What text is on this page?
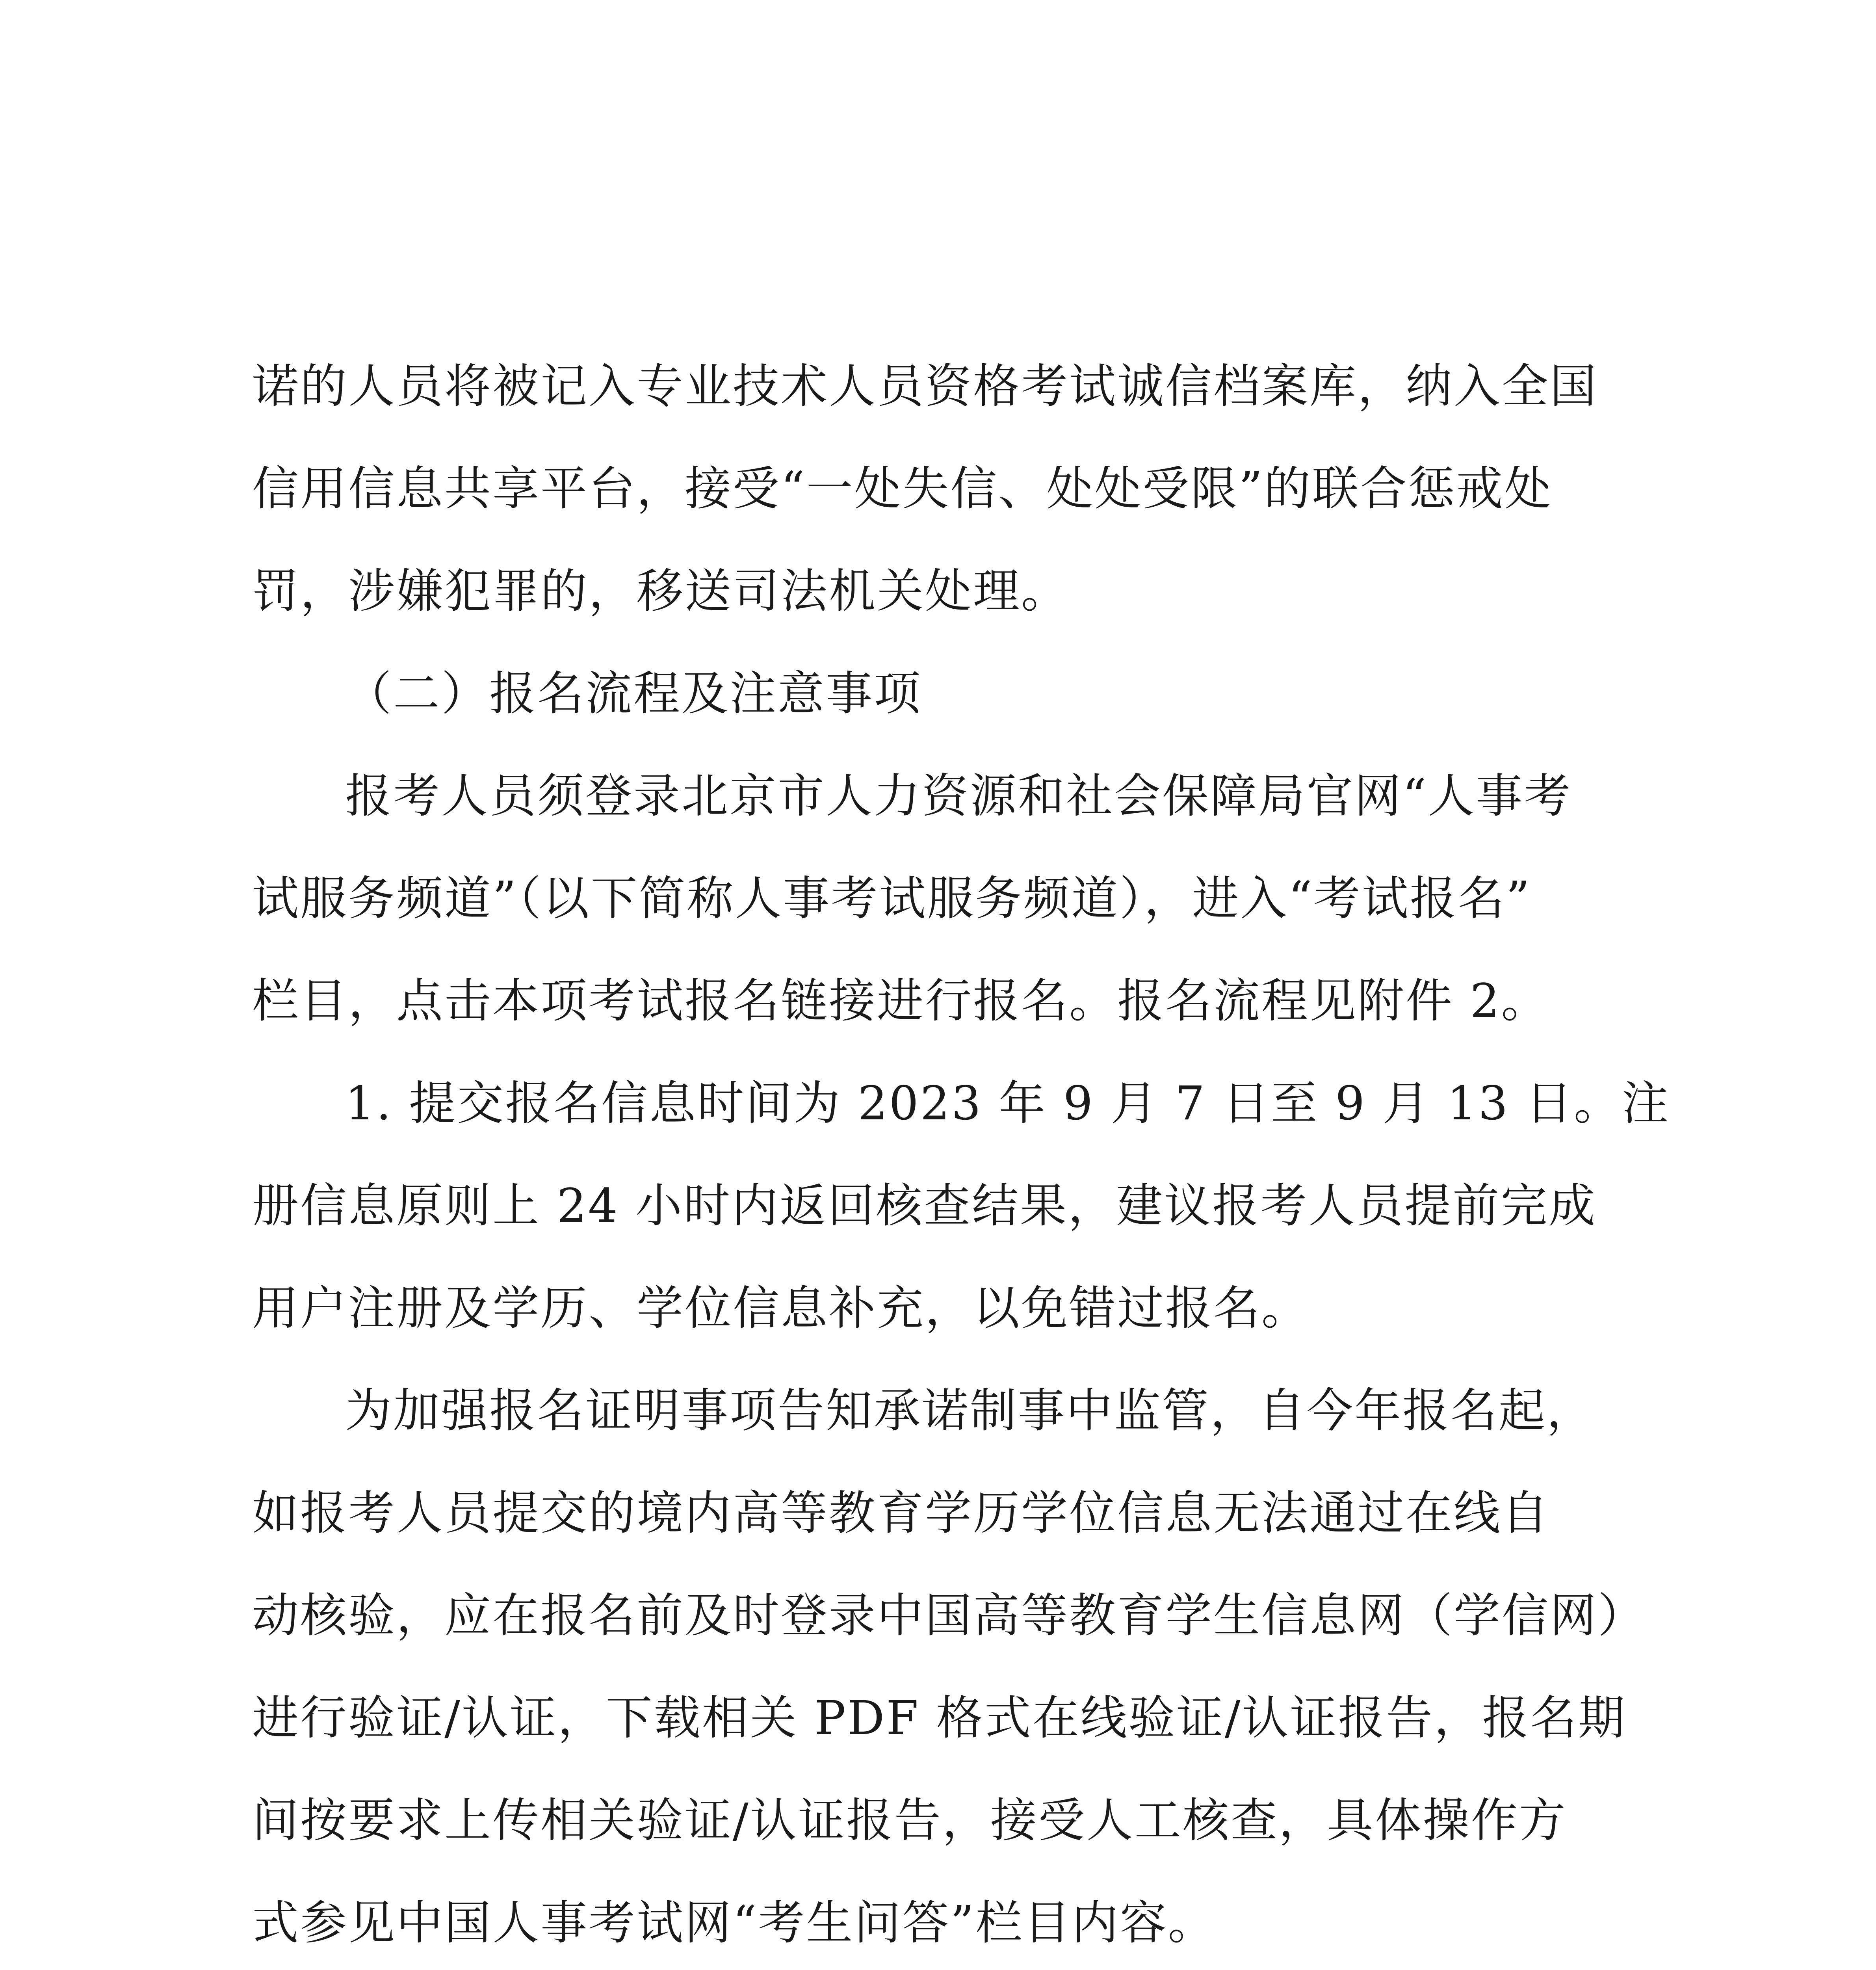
诺的人员将被记入专业技术人员资格考试诚信档案库，纳入全国
信用信息共享平台，接受“一处失信、处处受限”的联合惩戒处
罚，涉嫌犯罪的，移送司法机关处理。
（二）报名流程及注意事项
报考人员须登录北京市人力资源和社会保障局官网“人事考
试服务频道”（以下简称人事考试服务频道），进入“考试报名”
栏目，点击本项考试报名链接进行报名。报名流程见附件 2。
1. 提交报名信息时间为 2023 年 9 月 7 日至 9 月 13 日。注
册信息原则上 24 小时内返回核查结果，建议报考人员提前完成
用户注册及学历、学位信息补充，以免错过报名。
为加强报名证明事项告知承诺制事中监管，自今年报名起，
如报考人员提交的境内高等教育学历学位信息无法通过在线自
动核验，应在报名前及时登录中国高等教育学生信息网（学信网）
进行验证/认证，下载相关 PDF 格式在线验证/认证报告，报名期
间按要求上传相关验证/认证报告，接受人工核查，具体操作方
式参见中国人事考试网“考生问答”栏目内容。
